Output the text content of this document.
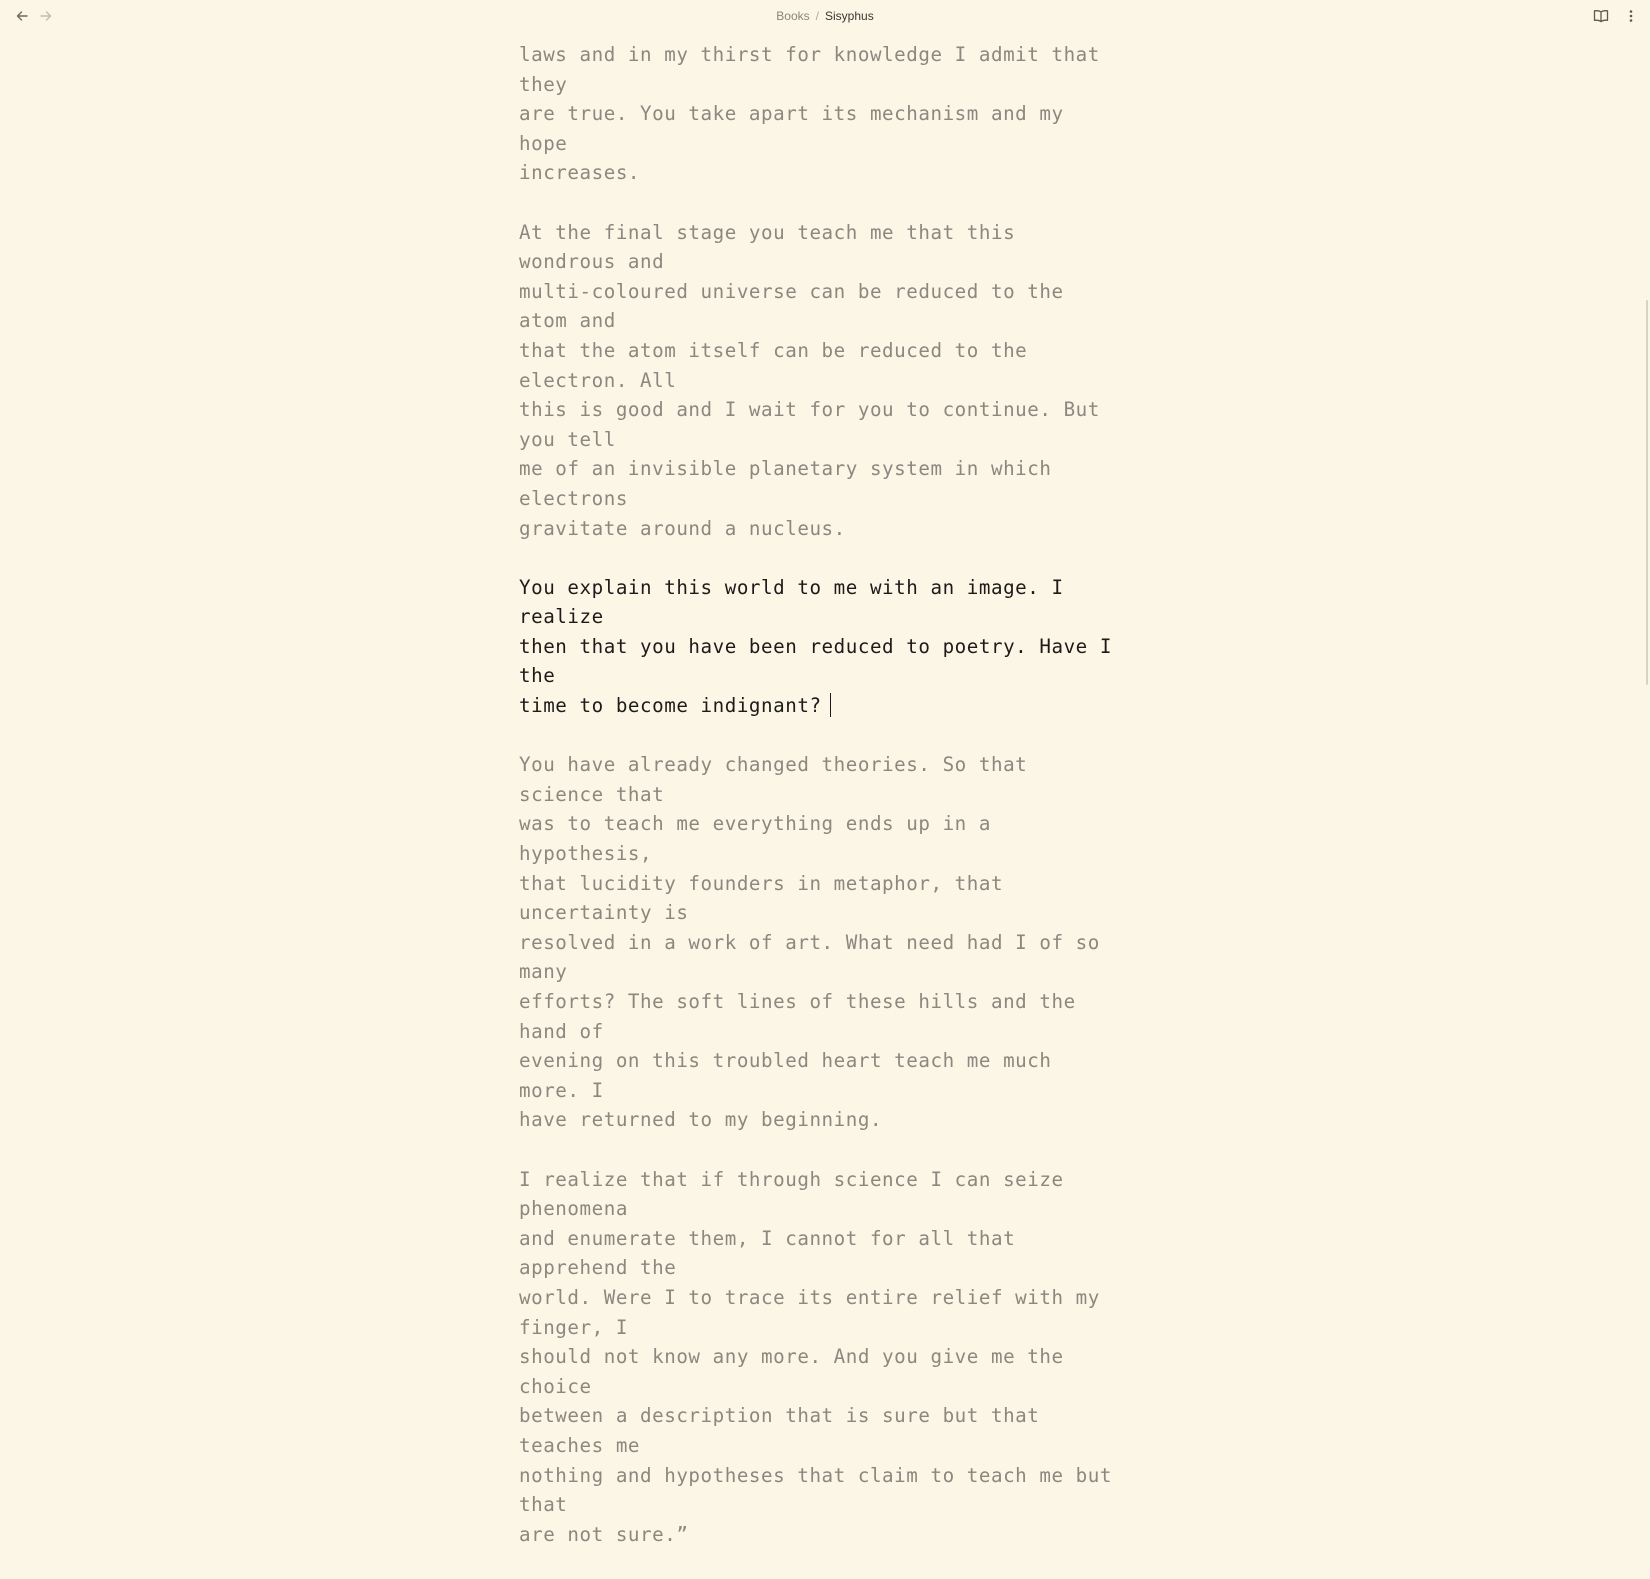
Books / Sisyphus

laws and in my thirst for knowledge I admit that they
are true. You take apart its mechanism and my hope
increases.

At the final stage you teach me that this wondrous and
multi-coloured universe can be reduced to the atom and
that the atom itself can be reduced to the electron. All
this is good and I wait for you to continue. But you tell
me of an invisible planetary system in which electrons
gravitate around a nucleus.

You explain this world to me with an image. I realize
then that you have been reduced to poetry. Have I the
time to become indignant?

You have already changed theories. So that science that
was to teach me everything ends up in a hypothesis,
that lucidity founders in metaphor, that uncertainty is
resolved in a work of art. What need had I of so many
efforts? The soft lines of these hills and the hand of
evening on this troubled heart teach me much more. I
have returned to my beginning.

I realize that if through science I can seize phenomena
and enumerate them, I cannot for all that apprehend the
world. Were I to trace its entire relief with my finger, I
should not know any more. And you give me the choice
between a description that is sure but that teaches me
nothing and hypotheses that claim to teach me but that
are not sure.”
